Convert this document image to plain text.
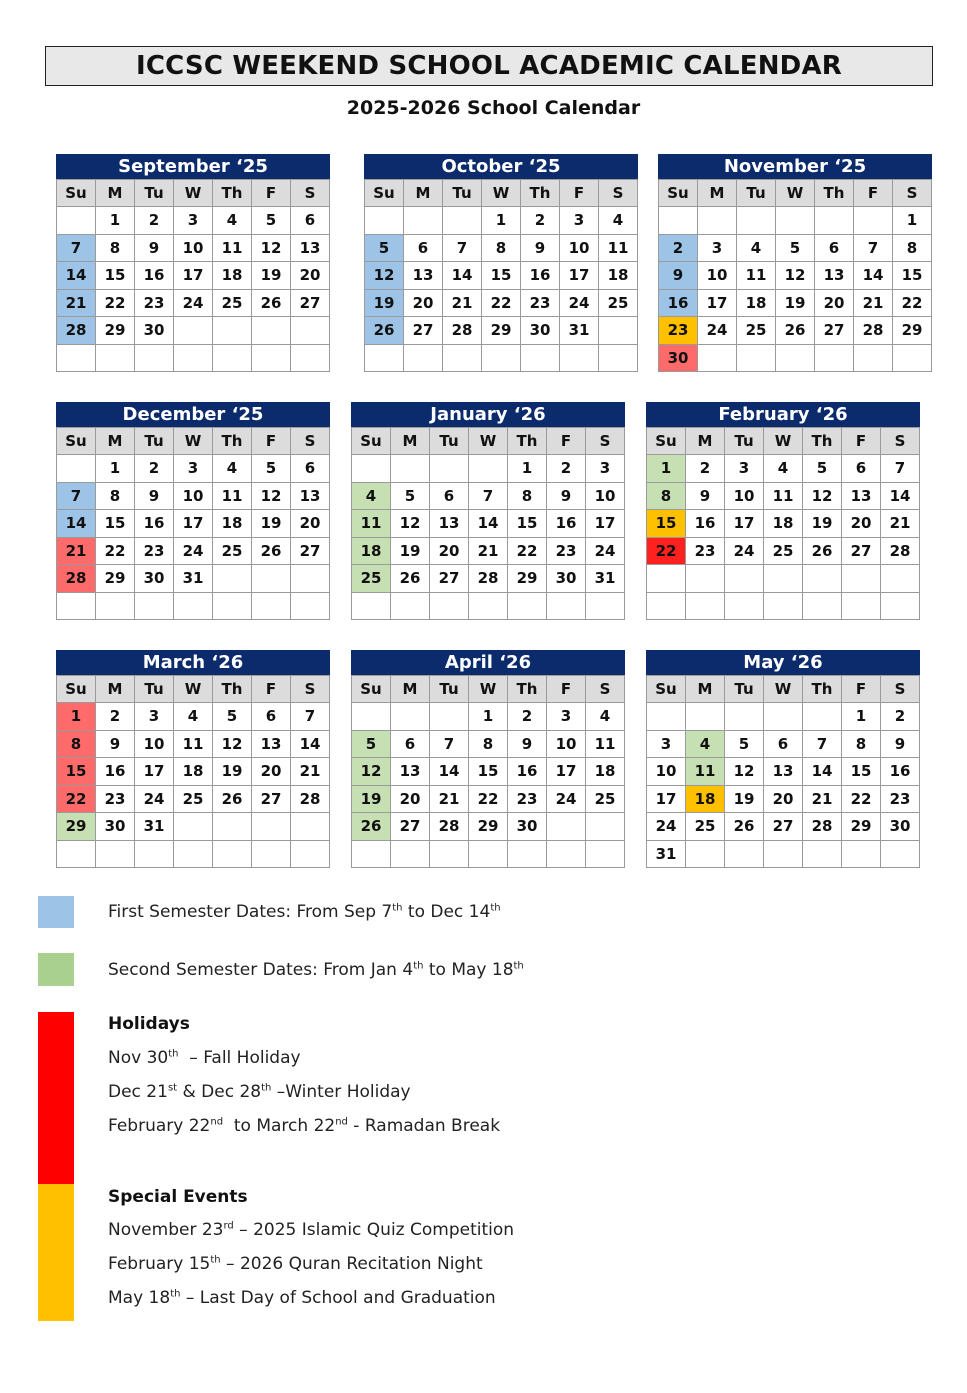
ICCSC WEEKEND SCHOOL ACADEMIC CALENDAR
2025-2026 School Calendar
September ‘25
Su	M	Tu	W	Th	F	S
	1	2	3	4	5	6
7	8	9	10	11	12	13
14	15	16	17	18	19	20
21	22	23	24	25	26	27
28	29	30				

October ‘25
Su	M	Tu	W	Th	F	S
			1	2	3	4
5	6	7	8	9	10	11
12	13	14	15	16	17	18
19	20	21	22	23	24	25
26	27	28	29	30	31	

November ‘25
Su	M	Tu	W	Th	F	S
						1
2	3	4	5	6	7	8
9	10	11	12	13	14	15
16	17	18	19	20	21	22
23	24	25	26	27	28	29
30						
December ‘25
Su	M	Tu	W	Th	F	S
	1	2	3	4	5	6
7	8	9	10	11	12	13
14	15	16	17	18	19	20
21	22	23	24	25	26	27
28	29	30	31			

January ‘26
Su	M	Tu	W	Th	F	S
				1	2	3
4	5	6	7	8	9	10
11	12	13	14	15	16	17
18	19	20	21	22	23	24
25	26	27	28	29	30	31

February ‘26
Su	M	Tu	W	Th	F	S
1	2	3	4	5	6	7
8	9	10	11	12	13	14
15	16	17	18	19	20	21
22	23	24	25	26	27	28

March ‘26
Su	M	Tu	W	Th	F	S
1	2	3	4	5	6	7
8	9	10	11	12	13	14
15	16	17	18	19	20	21
22	23	24	25	26	27	28
29	30	31				

April ‘26
Su	M	Tu	W	Th	F	S
			1	2	3	4
5	6	7	8	9	10	11
12	13	14	15	16	17	18
19	20	21	22	23	24	25
26	27	28	29	30		

May ‘26
Su	M	Tu	W	Th	F	S
					1	2
3	4	5	6	7	8	9
10	11	12	13	14	15	16
17	18	19	20	21	22	23
24	25	26	27	28	29	30
31						
First Semester Dates: From Sep 7th to Dec 14th
Second Semester Dates: From Jan 4th to May 18th
Holidays
Nov 30th  – Fall Holiday
Dec 21st & Dec 28th –Winter Holiday
February 22nd  to March 22nd - Ramadan Break
Special Events
November 23rd – 2025 Islamic Quiz Competition
February 15th – 2026 Quran Recitation Night
May 18th – Last Day of School and Graduation
